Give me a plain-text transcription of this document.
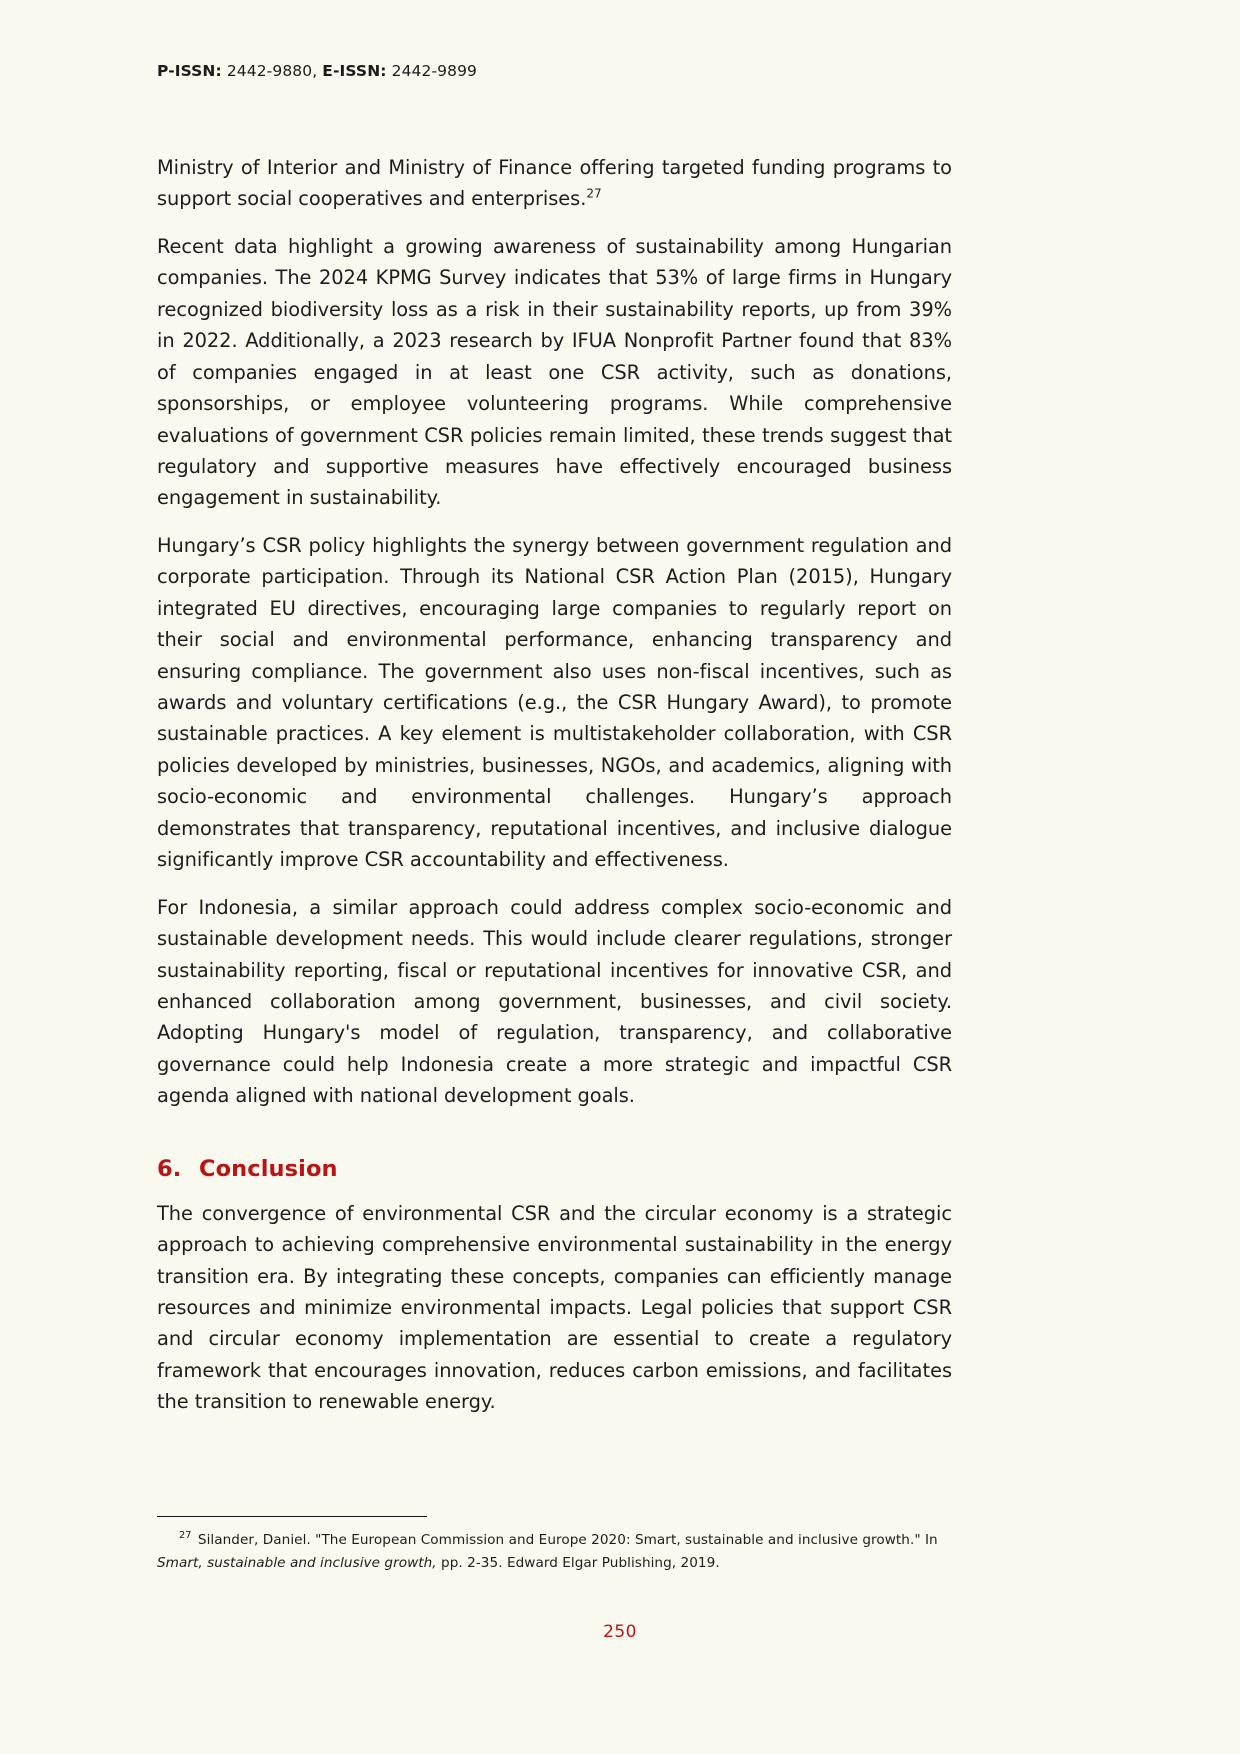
P-ISSN: 2442-9880, E-ISSN: 2442-9899

Ministry of Interior and Ministry of Finance offering targeted funding programs to support social cooperatives and enterprises.$^{27}$

Recent data highlight a growing awareness of sustainability among Hungarian companies. The 2024 KPMG Survey indicates that 53% of large firms in Hungary recognized biodiversity loss as a risk in their sustainability reports, up from 39% in 2022. Additionally, a 2023 research by IFUA Nonprofit Partner found that 83% of companies engaged in at least one CSR activity, such as donations, sponsorships, or employee volunteering programs. While comprehensive evaluations of government CSR policies remain limited, these trends suggest that regulatory and supportive measures have effectively encouraged business engagement in sustainability.

Hungary’s CSR policy highlights the synergy between government regulation and corporate participation. Through its National CSR Action Plan (2015), Hungary integrated EU directives, encouraging large companies to regularly report on their social and environmental performance, enhancing transparency and ensuring compliance. The government also uses non-fiscal incentives, such as awards and voluntary certifications (e.g., the CSR Hungary Award), to promote sustainable practices. A key element is multistakeholder collaboration, with CSR policies developed by ministries, businesses, NGOs, and academics, aligning with socio-economic and environmental challenges. Hungary’s approach demonstrates that transparency, reputational incentives, and inclusive dialogue significantly improve CSR accountability and effectiveness.

For Indonesia, a similar approach could address complex socio-economic and sustainable development needs. This would include clearer regulations, stronger sustainability reporting, fiscal or reputational incentives for innovative CSR, and enhanced collaboration among government, businesses, and civil society. Adopting Hungary's model of regulation, transparency, and collaborative governance could help Indonesia create a more strategic and impactful CSR agenda aligned with national development goals.

6. Conclusion

The convergence of environmental CSR and the circular economy is a strategic approach to achieving comprehensive environmental sustainability in the energy transition era. By integrating these concepts, companies can efficiently manage resources and minimize environmental impacts. Legal policies that support CSR and circular economy implementation are essential to create a regulatory framework that encourages innovation, reduces carbon emissions, and facilitates the transition to renewable energy.

$^{27}$ Silander, Daniel. "The European Commission and Europe 2020: Smart, sustainable and inclusive growth." In Smart, sustainable and inclusive growth, pp. 2-35. Edward Elgar Publishing, 2019.
250
